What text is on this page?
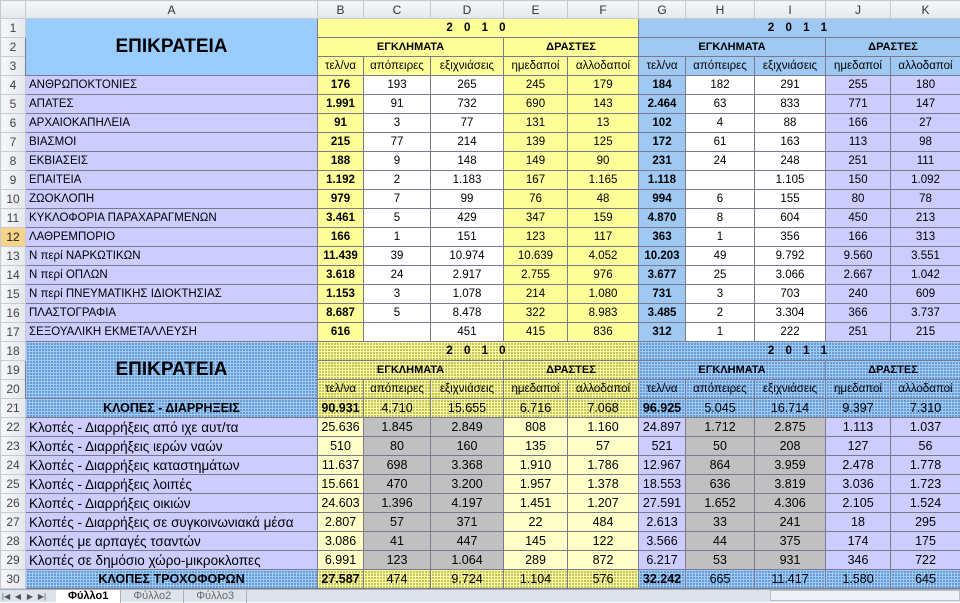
	A	B	C	D	E	F	G	H	I	J	K
1	ΕΠΙΚΡΑΤΕΙΑ	2 0 1 0					2 0 1 1				
2		ΕΓΚΛΗΜΑΤΑ			ΔΡΑΣΤΕΣ		ΕΓΚΛΗΜΑΤΑ			ΔΡΑΣΤΕΣ	
3		τελ/να	απόπειρες	εξιχνιάσεις	ημεδαποί	αλλοδαποί	τελ/να	απόπειρες	εξιχνιάσεις	ημεδαποί	αλλοδαποί
4	ΑΝΘΡΩΠΟΚΤΟΝΙΕΣ	176	193	265	245	179	184	182	291	255	180
5	ΑΠΑΤΕΣ	1.991	91	732	690	143	2.464	63	833	771	147
6	ΑΡΧΑΙΟΚΑΠΗΛΕΙΑ	91	3	77	131	13	102	4	88	166	27
7	ΒΙΑΣΜΟΙ	215	77	214	139	125	172	61	163	113	98
8	ΕΚΒΙΑΣΕΙΣ	188	9	148	149	90	231	24	248	251	111
9	ΕΠΑΙΤΕΙΑ	1.192	2	1.183	167	1.165	1.118		1.105	150	1.092
10	ΖΩΟΚΛΟΠΗ	979	7	99	76	48	994	6	155	80	78
11	ΚΥΚΛΟΦΟΡΙΑ ΠΑΡΑΧΑΡΑΓΜΕΝΩΝ	3.461	5	429	347	159	4.870	8	604	450	213
12	ΛΑΘΡΕΜΠΟΡΙΟ	166	1	151	123	117	363	1	356	166	313
13	Ν περί ΝΑΡΚΩΤΙΚΩΝ	11.439	39	10.974	10.639	4.052	10.203	49	9.792	9.560	3.551
14	Ν περί ΟΠΛΩΝ	3.618	24	2.917	2.755	976	3.677	25	3.066	2.667	1.042
15	Ν περί ΠΝΕΥΜΑΤΙΚΗΣ ΙΔΙΟΚΤΗΣΙΑΣ	1.153	3	1.078	214	1.080	731	3	703	240	609
16	ΠΛΑΣΤΟΓΡΑΦΙΑ	8.687	5	8.478	322	8.983	3.485	2	3.304	366	3.737
17	ΣΕΞΟΥΑΛΙΚΗ ΕΚΜΕΤΑΛΛΕΥΣΗ	616		451	415	836	312	1	222	251	215
18	ΕΠΙΚΡΑΤΕΙΑ	2 0 1 0					2 0 1 1				
19		ΕΓΚΛΗΜΑΤΑ			ΔΡΑΣΤΕΣ		ΕΓΚΛΗΜΑΤΑ			ΔΡΑΣΤΕΣ	
20		τελ/να	απόπειρες	εξιχνιάσεις	ημεδαποί	αλλοδαποί	τελ/να	απόπειρες	εξιχνιάσεις	ημεδαποί	αλλοδαποί
21	ΚΛΟΠΕΣ - ΔΙΑΡΡΗΞΕΙΣ	90.931	4.710	15.655	6.716	7.068	96.925	5.045	16.714	9.397	7.310
22	Κλοπές - Διαρρήξεις από ιχε αυτ/τα	25.636	1.845	2.849	808	1.160	24.897	1.712	2.875	1.113	1.037
23	Κλοπές - Διαρρήξεις ιερών ναών	510	80	160	135	57	521	50	208	127	56
24	Κλοπές - Διαρρήξεις καταστημάτων	11.637	698	3.368	1.910	1.786	12.967	864	3.959	2.478	1.778
25	Κλοπές - Διαρρήξεις λοιπές	15.661	470	3.200	1.957	1.378	18.553	636	3.819	3.036	1.723
26	Κλοπές - Διαρρήξεις οικιών	24.603	1.396	4.197	1.451	1.207	27.591	1.652	4.306	2.105	1.524
27	Κλοπές - Διαρρήξεις σε συγκοινωνιακά μέσα	2.807	57	371	22	484	2.613	33	241	18	295
28	Κλοπές με αρπαγές τσαντών	3.086	41	447	145	122	3.566	44	375	174	175
29	Κλοπές σε δημόσιο χώρο-μικροκλοπες	6.991	123	1.064	289	872	6.217	53	931	346	722
30	ΚΛΟΠΕΣ ΤΡΟΧΟΦΟΡΩΝ	27.587	474	9.724	1.104	576	32.242	665	11.417	1.580	645
|◀ ◀ ▶ ▶|	Φύλλο1	Φύλλο2	Φύλλο3
